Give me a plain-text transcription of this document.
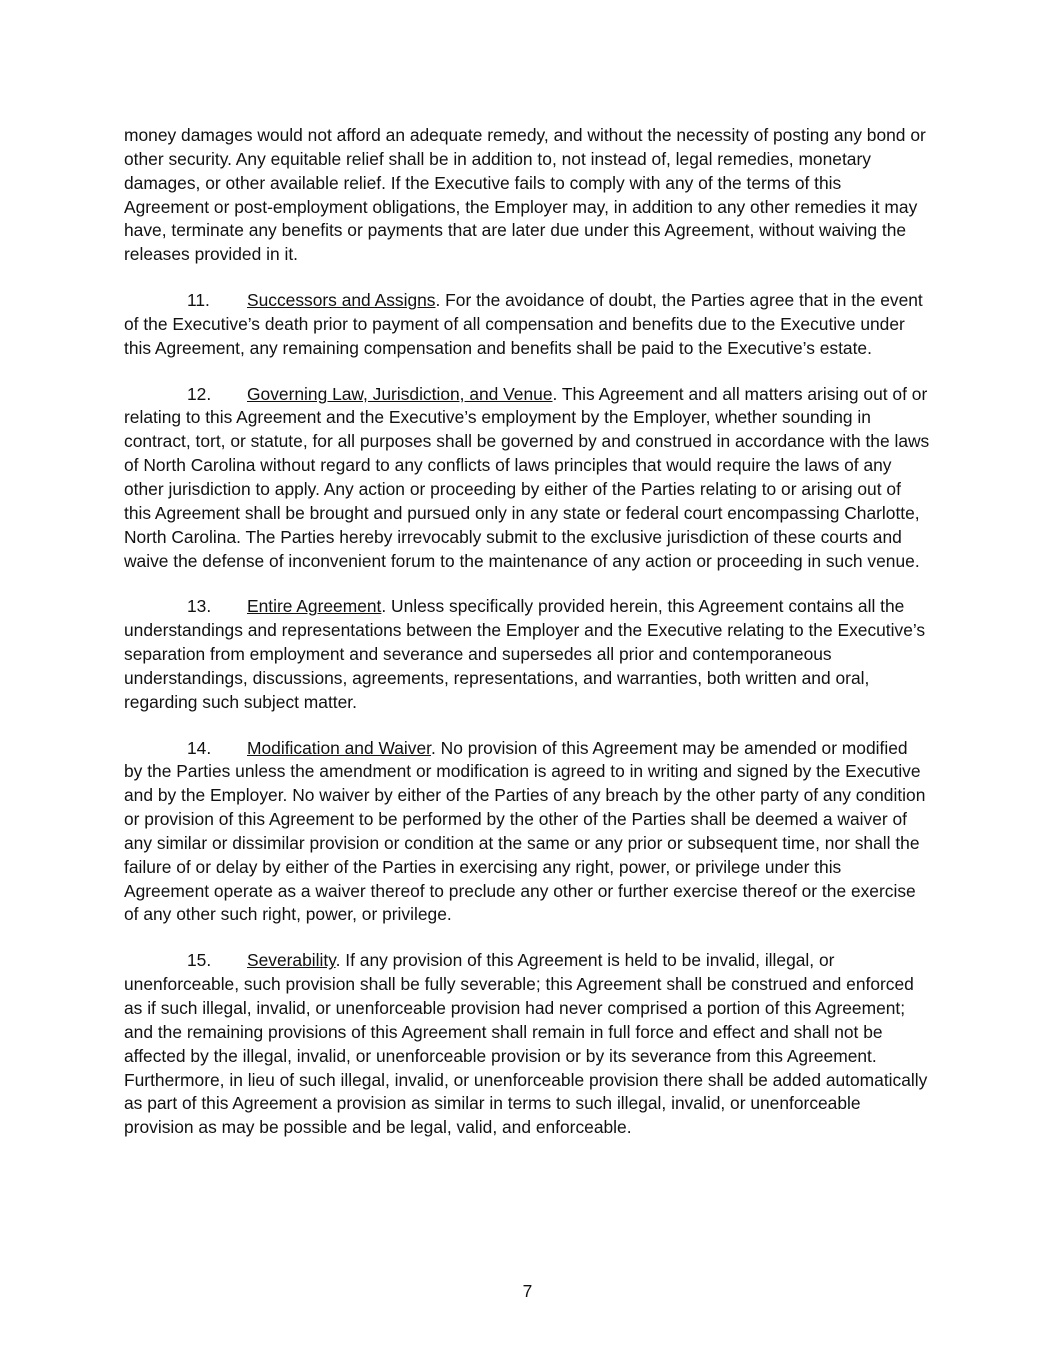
money damages would not afford an adequate remedy, and without the necessity of posting any bond or other security. Any equitable relief shall be in addition to, not instead of, legal remedies, monetary damages, or other available relief. If the Executive fails to comply with any of the terms of this Agreement or post-employment obligations, the Employer may, in addition to any other remedies it may have, terminate any benefits or payments that are later due under this Agreement, without waiving the releases provided in it.

11. Successors and Assigns. For the avoidance of doubt, the Parties agree that in the event of the Executive’s death prior to payment of all compensation and benefits due to the Executive under this Agreement, any remaining compensation and benefits shall be paid to the Executive’s estate.

12. Governing Law, Jurisdiction, and Venue. This Agreement and all matters arising out of or relating to this Agreement and the Executive’s employment by the Employer, whether sounding in contract, tort, or statute, for all purposes shall be governed by and construed in accordance with the laws of North Carolina without regard to any conflicts of laws principles that would require the laws of any other jurisdiction to apply. Any action or proceeding by either of the Parties relating to or arising out of this Agreement shall be brought and pursued only in any state or federal court encompassing Charlotte, North Carolina. The Parties hereby irrevocably submit to the exclusive jurisdiction of these courts and waive the defense of inconvenient forum to the maintenance of any action or proceeding in such venue.

13. Entire Agreement. Unless specifically provided herein, this Agreement contains all the understandings and representations between the Employer and the Executive relating to the Executive’s separation from employment and severance and supersedes all prior and contemporaneous understandings, discussions, agreements, representations, and warranties, both written and oral, regarding such subject matter.

14. Modification and Waiver. No provision of this Agreement may be amended or modified by the Parties unless the amendment or modification is agreed to in writing and signed by the Executive and by the Employer. No waiver by either of the Parties of any breach by the other party of any condition or provision of this Agreement to be performed by the other of the Parties shall be deemed a waiver of any similar or dissimilar provision or condition at the same or any prior or subsequent time, nor shall the failure of or delay by either of the Parties in exercising any right, power, or privilege under this Agreement operate as a waiver thereof to preclude any other or further exercise thereof or the exercise of any other such right, power, or privilege.

15. Severability. If any provision of this Agreement is held to be invalid, illegal, or unenforceable, such provision shall be fully severable; this Agreement shall be construed and enforced as if such illegal, invalid, or unenforceable provision had never comprised a portion of this Agreement; and the remaining provisions of this Agreement shall remain in full force and effect and shall not be affected by the illegal, invalid, or unenforceable provision or by its severance from this Agreement. Furthermore, in lieu of such illegal, invalid, or unenforceable provision there shall be added automatically as part of this Agreement a provision as similar in terms to such illegal, invalid, or unenforceable provision as may be possible and be legal, valid, and enforceable.

7
